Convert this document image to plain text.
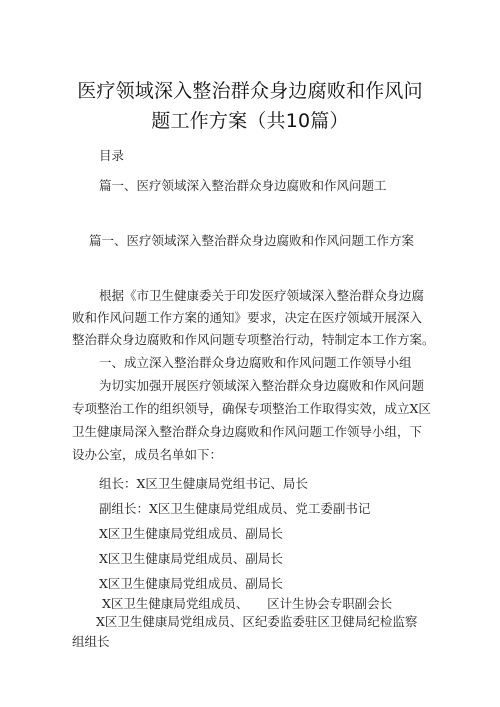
医疗领域深入整治群众身边腐败和作风问
题工作方案（共10篇）

目录

篇一、医疗领域深入整治群众身边腐败和作风问题工

篇一、医疗领域深入整治群众身边腐败和作风问题工作方案

根据《市卫生健康委关于印发医疗领域深入整治群众身边腐

败和作风问题工作方案的通知》要求，决定在医疗领域开展深入

整治群众身边腐败和作风问题专项整治行动，特制定本工作方案。

一、成立深入整治群众身边腐败和作风问题工作领导小组

为切实加强开展医疗领域深入整治群众身边腐败和作风问题

专项整治工作的组织领导，确保专项整治工作取得实效，成立X区

卫生健康局深入整治群众身边腐败和作风问题工作领导小组，下

设办公室，成员名单如下：

组长：X区卫生健康局党组书记、局长

副组长：X区卫生健康局党组成员、党工委副书记

X区卫生健康局党组成员、副局长

X区卫生健康局党组成员、副局长

X区卫生健康局党组成员、副局长

X区卫生健康局党组成员、　　区计生协会专职副会长

X区卫生健康局党组成员、区纪委监委驻区卫健局纪检监察

组组长
